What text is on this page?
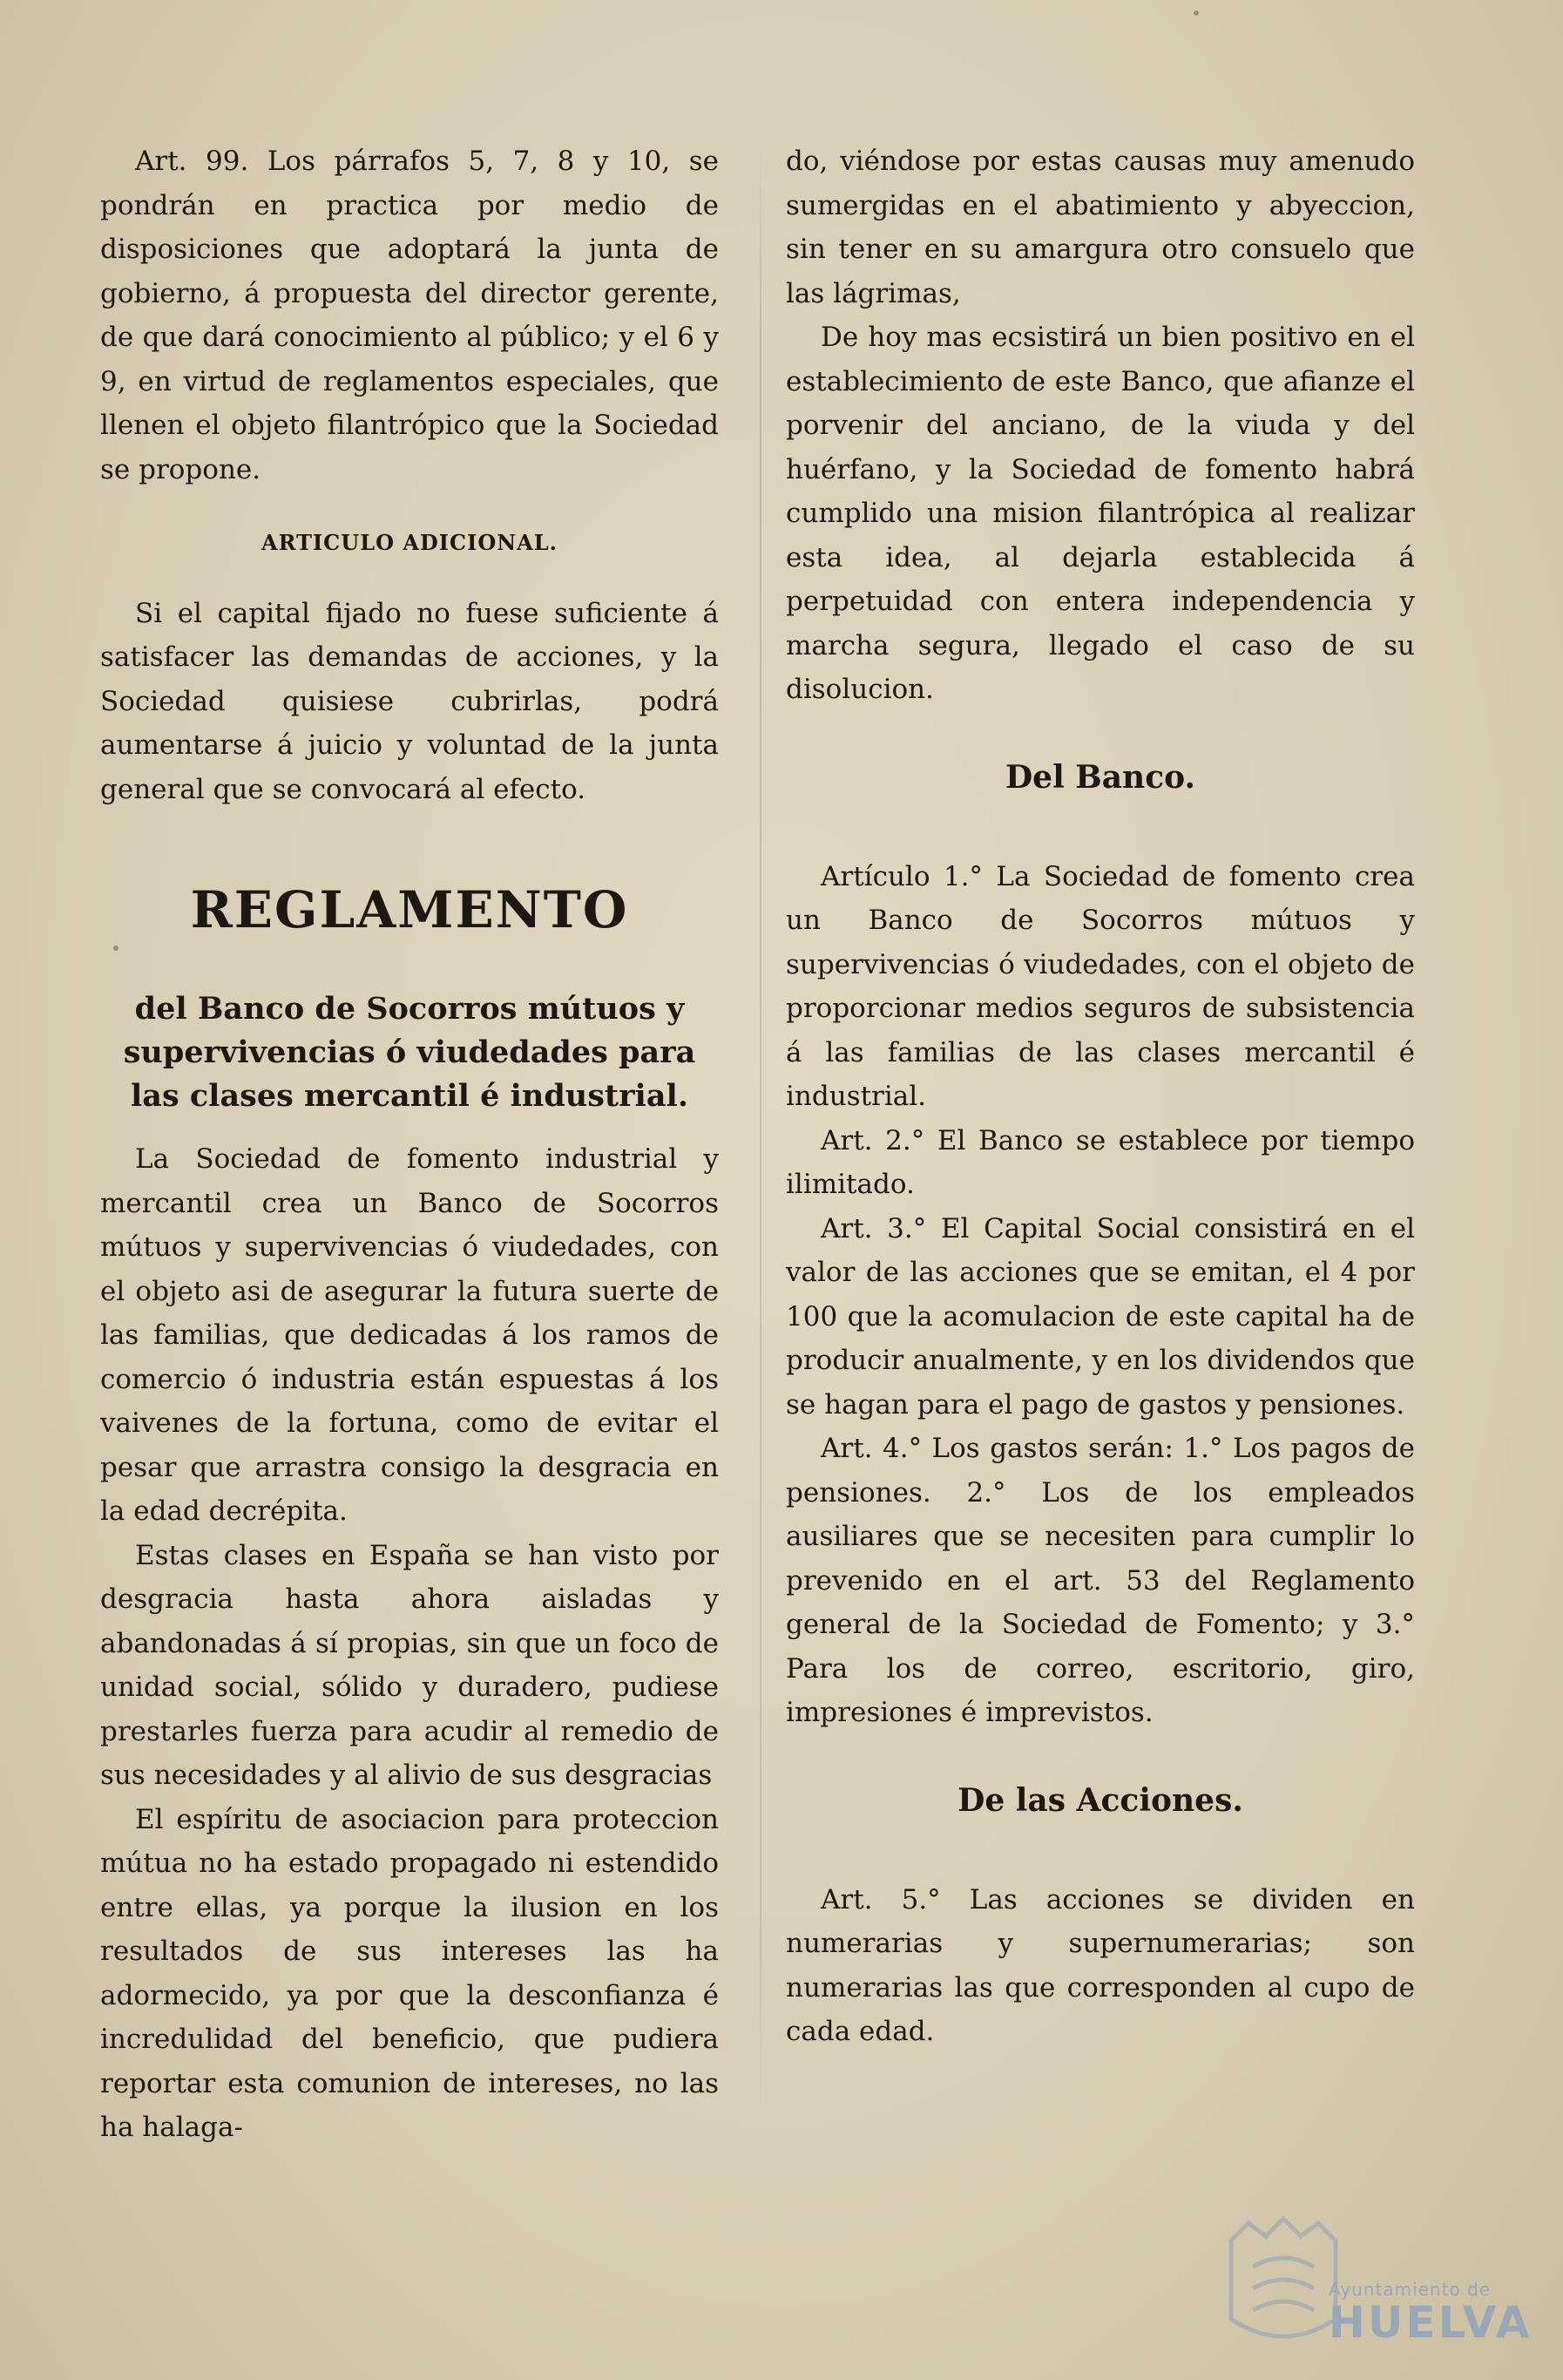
Art. 99. Los párrafos 5, 7, 8 y 10, se pondrán en practica por medio de disposiciones que adoptará la junta de gobierno, á propuesta del director gerente, de que dará conocimiento al público; y el 6 y 9, en virtud de reglamentos especiales, que llenen el objeto filantrópico que la Sociedad se propone.

ARTICULO ADICIONAL.

Si el capital fijado no fuese suficiente á satisfacer las demandas de acciones, y la Sociedad quisiese cubrirlas, podrá aumentarse á juicio y voluntad de la junta general que se convocará al efecto.

REGLAMENTO
del Banco de Socorros mútuos y supervivencias ó viudedades para las clases mercantil é industrial.

La Sociedad de fomento industrial y mercantil crea un Banco de Socorros mútuos y supervivencias ó viudedades, con el objeto asi de asegurar la futura suerte de las familias, que dedicadas á los ramos de comercio ó industria están espuestas á los vaivenes de la fortuna, como de evitar el pesar que arrastra consigo la desgracia en la edad decrépita.

Estas clases en España se han visto por desgracia hasta ahora aisladas y abandonadas á sí propias, sin que un foco de unidad social, sólido y duradero, pudiese prestarles fuerza para acudir al remedio de sus necesidades y al alivio de sus desgracias

El espíritu de asociacion para proteccion mútua no ha estado propagado ni estendido entre ellas, ya porque la ilusion en los resultados de sus intereses las ha adormecido, ya por que la desconfianza é incredulidad del beneficio, que pudiera reportar esta comunion de intereses, no las ha halaga-

do, viéndose por estas causas muy amenudo sumergidas en el abatimiento y abyeccion, sin tener en su amargura otro consuelo que las lágrimas,

De hoy mas ecsistirá un bien positivo en el establecimiento de este Banco, que afianze el porvenir del anciano, de la viuda y del huérfano, y la Sociedad de fomento habrá cumplido una mision filantrópica al realizar esta idea, al dejarla establecida á perpetuidad con entera independencia y marcha segura, llegado el caso de su disolucion.

Del Banco.

Artículo 1.° La Sociedad de fomento crea un Banco de Socorros mútuos y supervivencias ó viudedades, con el objeto de proporcionar medios seguros de subsistencia á las familias de las clases mercantil é industrial.

Art. 2.° El Banco se establece por tiempo ilimitado.

Art. 3.° El Capital Social consistirá en el valor de las acciones que se emitan, el 4 por 100 que la acomulacion de este capital ha de producir anualmente, y en los dividendos que se hagan para el pago de gastos y pensiones.

Art. 4.° Los gastos serán: 1.° Los pagos de pensiones. 2.° Los de los empleados ausiliares que se necesiten para cumplir lo prevenido en el art. 53 del Reglamento general de la Sociedad de Fomento; y 3.° Para los de correo, escritorio, giro, impresiones é imprevistos.

De las Acciones.

Art. 5.° Las acciones se dividen en numerarias y supernumerarias; son numerarias las que corresponden al cupo de cada edad.

Ayuntamiento de
HUELVA
